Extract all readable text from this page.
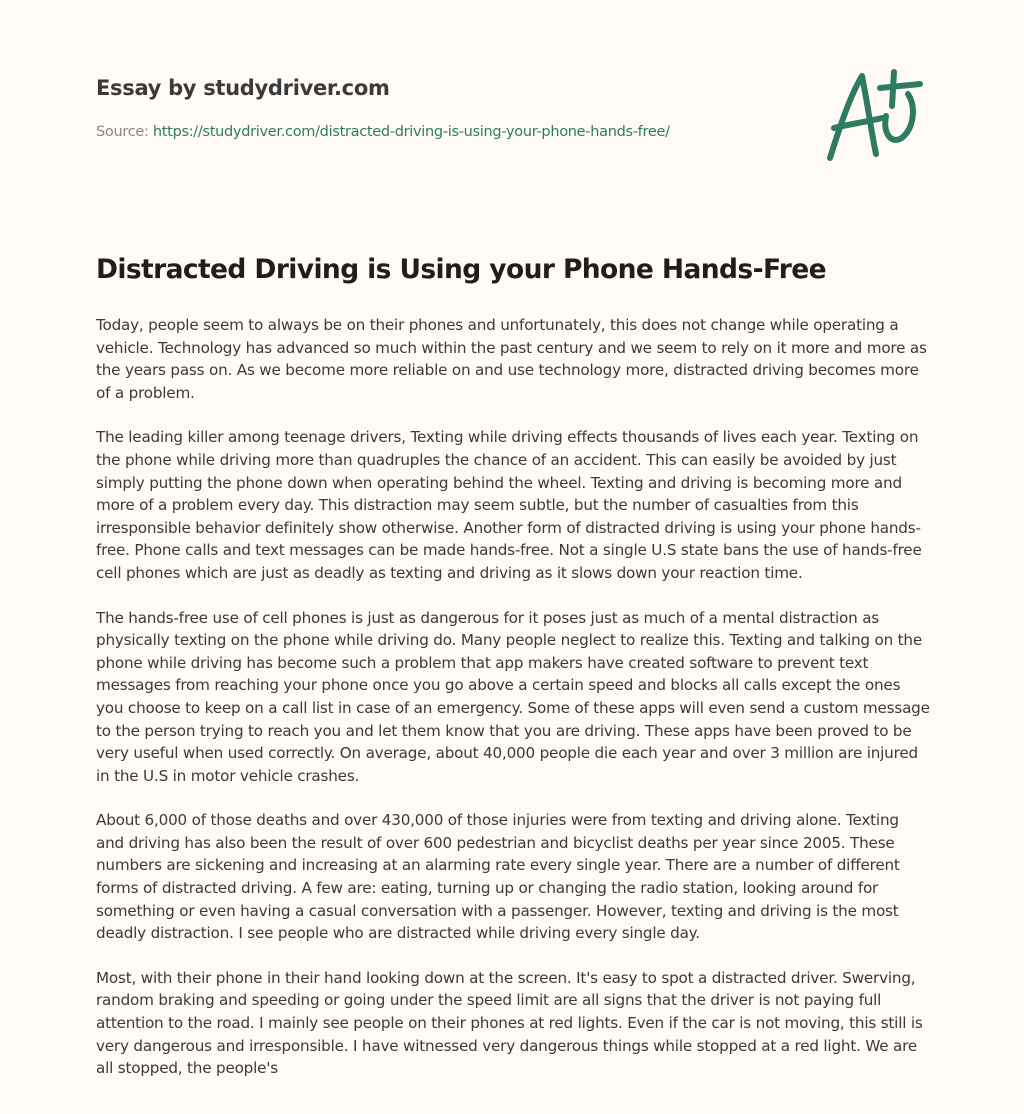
Essay by studydriver.com
Source: https://studydriver.com/distracted-driving-is-using-your-phone-hands-free/
Distracted Driving is Using your Phone Hands-Free

Today, people seem to always be on their phones and unfortunately, this does not change while operating a vehicle. Technology has advanced so much within the past century and we seem to rely on it more and more as the years pass on. As we become more reliable on and use technology more, distracted driving becomes more of a problem.

The leading killer among teenage drivers, Texting while driving effects thousands of lives each year. Texting on the phone while driving more than quadruples the chance of an accident. This can easily be avoided by just simply putting the phone down when operating behind the wheel. Texting and driving is becoming more and more of a problem every day. This distraction may seem subtle, but the number of casualties from this irresponsible behavior definitely show otherwise. Another form of distracted driving is using your phone hands-free. Phone calls and text messages can be made hands-free. Not a single U.S state bans the use of hands-free cell phones which are just as deadly as texting and driving as it slows down your reaction time.

The hands-free use of cell phones is just as dangerous for it poses just as much of a mental distraction as physically texting on the phone while driving do. Many people neglect to realize this. Texting and talking on the phone while driving has become such a problem that app makers have created software to prevent text messages from reaching your phone once you go above a certain speed and blocks all calls except the ones you choose to keep on a call list in case of an emergency. Some of these apps will even send a custom message to the person trying to reach you and let them know that you are driving. These apps have been proved to be very useful when used correctly. On average, about 40,000 people die each year and over 3 million are injured in the U.S in motor vehicle crashes.

About 6,000 of those deaths and over 430,000 of those injuries were from texting and driving alone. Texting and driving has also been the result of over 600 pedestrian and bicyclist deaths per year since 2005. These numbers are sickening and increasing at an alarming rate every single year. There are a number of different forms of distracted driving. A few are: eating, turning up or changing the radio station, looking around for something or even having a casual conversation with a passenger. However, texting and driving is the most deadly distraction. I see people who are distracted while driving every single day.

Most, with their phone in their hand looking down at the screen. It's easy to spot a distracted driver. Swerving, random braking and speeding or going under the speed limit are all signs that the driver is not paying full attention to the road. I mainly see people on their phones at red lights. Even if the car is not moving, this still is very dangerous and irresponsible. I have witnessed very dangerous things while stopped at a red light. We are all stopped, the people's
